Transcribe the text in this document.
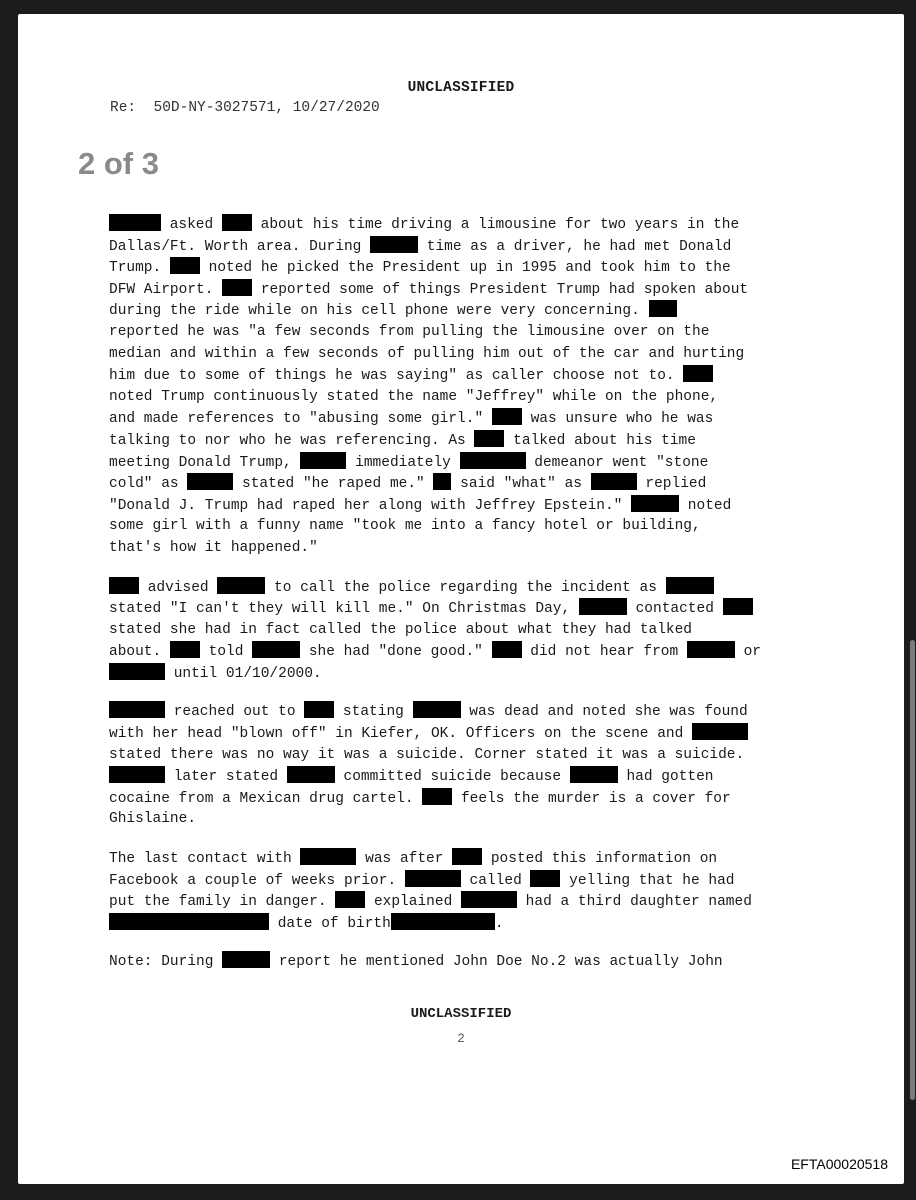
UNCLASSIFIED
Re:  50D-NY-3027571, 10/27/2020
2 of 3
asked  about his time driving a limousine for two years in the
Dallas/Ft. Worth area. During	time as a driver, he had met Donald
Trump.  noted he picked the President up in 1995 and took him to the
DFW Airport.  reported some of things President Trump had spoken about
during the ride while on his cell phone were very concerning.
reported he was "a few seconds from pulling the limousine over on the
median and within a few seconds of pulling him out of the car and hurting
him due to some of things he was saying" as caller choose not to.
noted Trump continuously stated the name "Jeffrey" while on the phone,
and made references to "abusing some girl."  was unsure who he was
talking to nor who he was referencing. As  talked about his time
meeting Donald Trump,	immediately	demeanor went "stone
cold" as	stated "he raped me."  said "what" as	replied
"Donald J. Trump had raped her along with Jeffrey Epstein."	noted
some girl with a funny name "took me into a fancy hotel or building,
that's how it happened."
advised	to call the police regarding the incident as
stated "I can't they will kill me." On Christmas Day,	contacted
stated she had in fact called the police about what they had talked
about.  told	she had "done good."  did not hear from	or
until 01/10/2000.
reached out to  stating	was dead and noted she was found
with her head "blown off" in Kiefer, OK. Officers on the scene and
stated there was no way it was a suicide. Corner stated it was a suicide.
later stated	committed suicide because	had gotten
cocaine from a Mexican drug cartel.  feels the murder is a cover for
Ghislaine.
The last contact with	was after  posted this information on
Facebook a couple of weeks prior.	called  yelling that he had
put the family in danger.  explained	had a third daughter named
date of birth	.
Note: During	report he mentioned John Doe No.2 was actually John
UNCLASSIFIED
2
EFTA00020518
